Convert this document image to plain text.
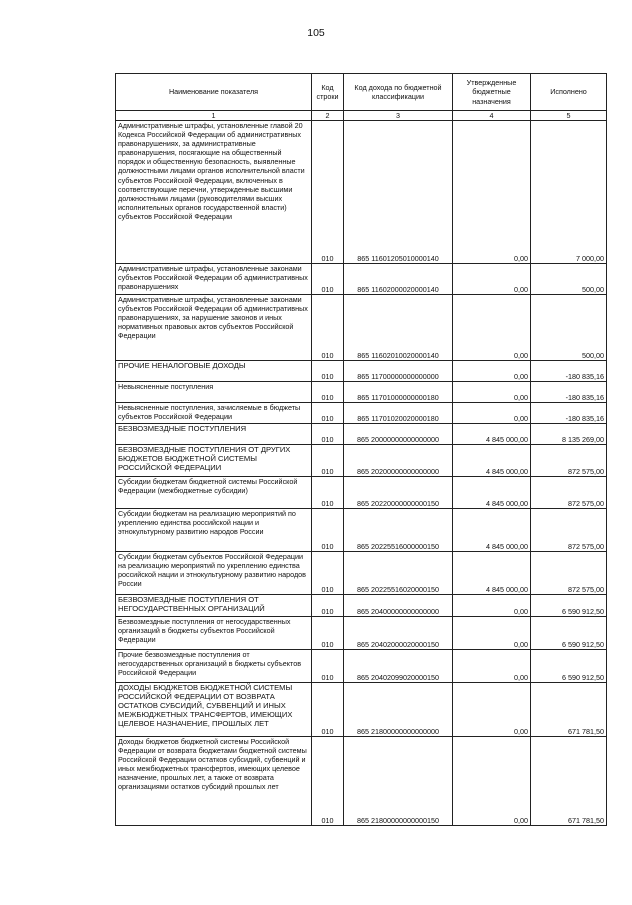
105
Наименование показателя	Код строки	Код дохода по бюджетной классификации	Утвержденные бюджетные назначения	Исполнено
1	2	3	4	5
Административные штрафы, установленные главой 20 Кодекса Российской Федерации об административных правонарушениях, за административные правонарушения, посягающие на общественный порядок и общественную безопасность, выявленные должностными лицами органов исполнительной власти субъектов Российской Федерации, включенных в соответствующие перечни, утвержденные высшими должностными лицами (руководителями высших исполнительных органов государственной власти) субъектов Российской Федерации	010	865 11601205010000140	0,00	7 000,00
Административные штрафы, установленные законами субъектов Российской Федерации об административных правонарушениях	010	865 11602000020000140	0,00	500,00
Административные штрафы, установленные законами субъектов Российской Федерации об административных правонарушениях, за нарушение законов и иных нормативных правовых актов субъектов Российской Федерации	010	865 11602010020000140	0,00	500,00
ПРОЧИЕ НЕНАЛОГОВЫЕ ДОХОДЫ	010	865 11700000000000000	0,00	-180 835,16
Невыясненные поступления	010	865 11701000000000180	0,00	-180 835,16
Невыясненные поступления, зачисляемые в бюджеты субъектов Российской Федерации	010	865 11701020020000180	0,00	-180 835,16
БЕЗВОЗМЕЗДНЫЕ ПОСТУПЛЕНИЯ	010	865 20000000000000000	4 845 000,00	8 135 269,00
БЕЗВОЗМЕЗДНЫЕ ПОСТУПЛЕНИЯ ОТ ДРУГИХ БЮДЖЕТОВ БЮДЖЕТНОЙ СИСТЕМЫ РОССИЙСКОЙ ФЕДЕРАЦИИ	010	865 20200000000000000	4 845 000,00	872 575,00
Субсидии бюджетам бюджетной системы Российской Федерации (межбюджетные субсидии)	010	865 20220000000000150	4 845 000,00	872 575,00
Субсидии бюджетам на реализацию мероприятий по укреплению единства российской нации и этнокультурному развитию народов России	010	865 20225516000000150	4 845 000,00	872 575,00
Субсидии бюджетам субъектов Российской Федерации на реализацию мероприятий по укреплению единства российской нации и этнокультурному развитию народов России	010	865 20225516020000150	4 845 000,00	872 575,00
БЕЗВОЗМЕЗДНЫЕ ПОСТУПЛЕНИЯ ОТ НЕГОСУДАРСТВЕННЫХ ОРГАНИЗАЦИЙ	010	865 20400000000000000	0,00	6 590 912,50
Безвозмездные поступления от негосударственных организаций в бюджеты субъектов Российской Федерации	010	865 20402000020000150	0,00	6 590 912,50
Прочие безвозмездные поступления от негосударственных организаций в бюджеты субъектов Российской Федерации	010	865 20402099020000150	0,00	6 590 912,50
ДОХОДЫ БЮДЖЕТОВ БЮДЖЕТНОЙ СИСТЕМЫ РОССИЙСКОЙ ФЕДЕРАЦИИ ОТ ВОЗВРАТА ОСТАТКОВ СУБСИДИЙ, СУБВЕНЦИЙ И ИНЫХ МЕЖБЮДЖЕТНЫХ ТРАНСФЕРТОВ, ИМЕЮЩИХ ЦЕЛЕВОЕ НАЗНАЧЕНИЕ, ПРОШЛЫХ ЛЕТ	010	865 21800000000000000	0,00	671 781,50
Доходы бюджетов бюджетной системы Российской Федерации от возврата бюджетами бюджетной системы Российской Федерации остатков субсидий, субвенций и иных межбюджетных трансфертов, имеющих целевое назначение, прошлых лет, а также от возврата организациями остатков субсидий прошлых лет	010	865 21800000000000150	0,00	671 781,50
